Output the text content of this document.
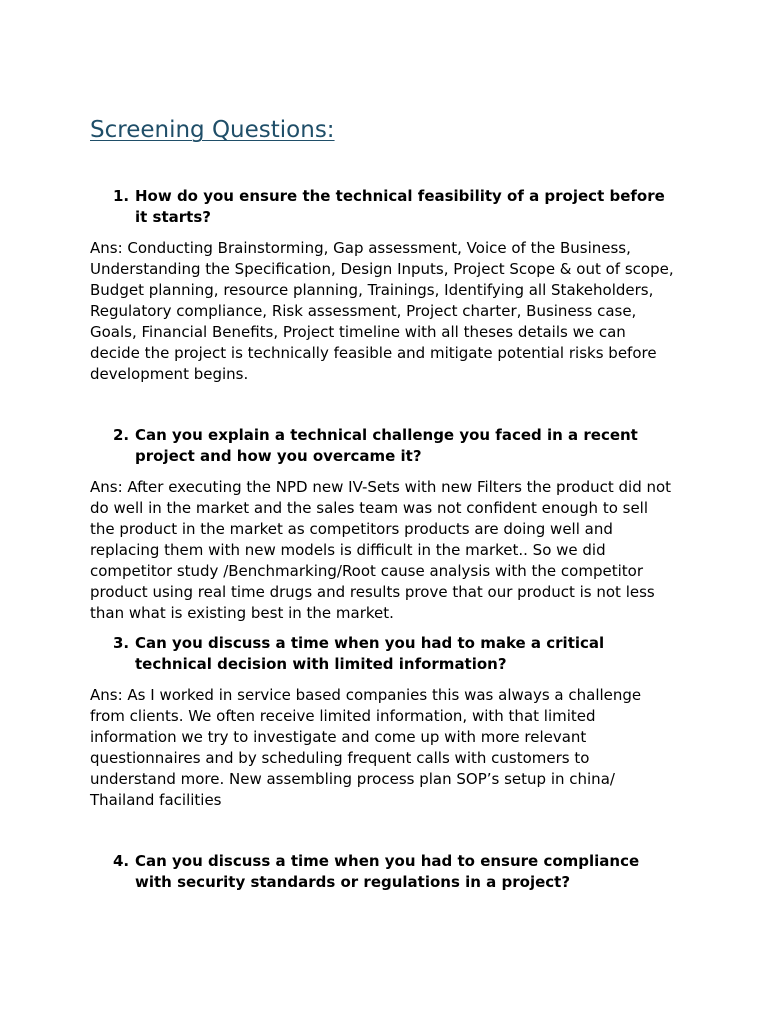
Screening Questions:
1. How do you ensure the technical feasibility of a project before
it starts?

Ans: Conducting Brainstorming, Gap assessment, Voice of the Business,
Understanding the Specification, Design Inputs, Project Scope & out of scope,
Budget planning, resource planning, Trainings, Identifying all Stakeholders,
Regulatory compliance, Risk assessment, Project charter, Business case,
Goals, Financial Benefits, Project timeline with all theses details we can
decide the project is technically feasible and mitigate potential risks before
development begins.

2. Can you explain a technical challenge you faced in a recent
project and how you overcame it?

Ans: After executing the NPD new IV-Sets with new Filters the product did not
do well in the market and the sales team was not confident enough to sell
the product in the market as competitors products are doing well and
replacing them with new models is difficult in the market.. So we did
competitor study /Benchmarking/Root cause analysis with the competitor
product using real time drugs and results prove that our product is not less
than what is existing best in the market.

3. Can you discuss a time when you had to make a critical
technical decision with limited information?

Ans: As I worked in service based companies this was always a challenge
from clients. We often receive limited information, with that limited
information we try to investigate and come up with more relevant
questionnaires and by scheduling frequent calls with customers to
understand more. New assembling process plan SOP’s setup in china/
Thailand facilities

4. Can you discuss a time when you had to ensure compliance
with security standards or regulations in a project?
